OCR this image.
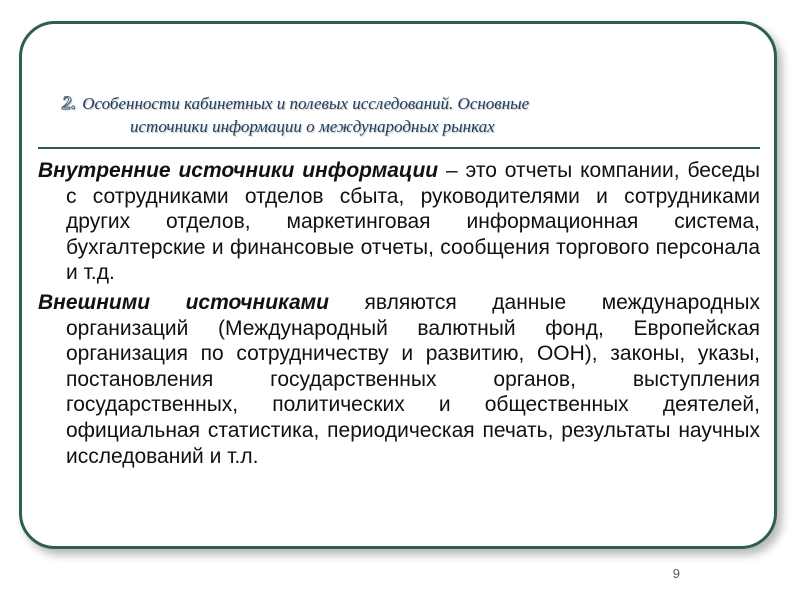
2. Особенности кабинетных и полевых исследований. Основные
источники информации о международных рынках

Внутренние источники информации – это отчеты компании, беседы с сотрудниками отделов сбыта, руководителями и сотрудниками других отделов, маркетинговая информационная система, бухгалтерские и финансовые отчеты, сообщения торгового персонала и т.д.

Внешними источниками являются данные международных организаций (Международный валютный фонд, Европейская организация по сотрудничеству и развитию, ООН), законы, указы, постановления государственных органов, выступления государственных, политических и общественных деятелей, официальная статистика, периодическая печать, результаты научных исследований и т.л.

9
